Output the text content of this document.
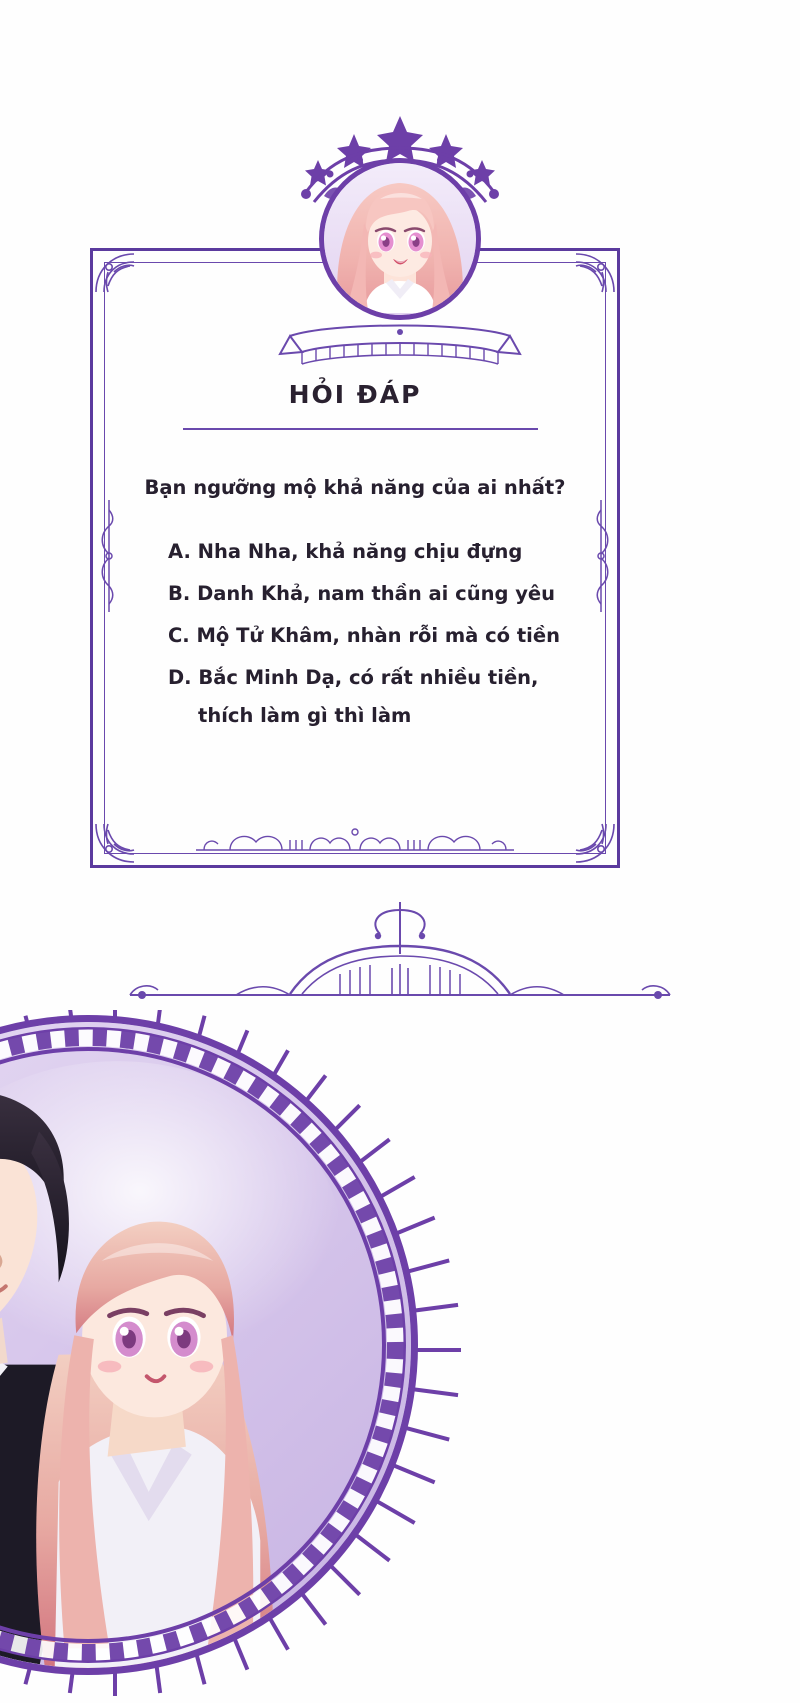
HỎI ĐÁP
Bạn ngưỡng mộ khả năng của ai nhất?
A. Nha Nha, khả năng chịu đựng
B. Danh Khả, nam thần ai cũng yêu
C. Mộ Tử Khâm, nhàn rỗi mà có tiền
D. Bắc Minh Dạ, có rất nhiều tiền,
thích làm gì thì làm
